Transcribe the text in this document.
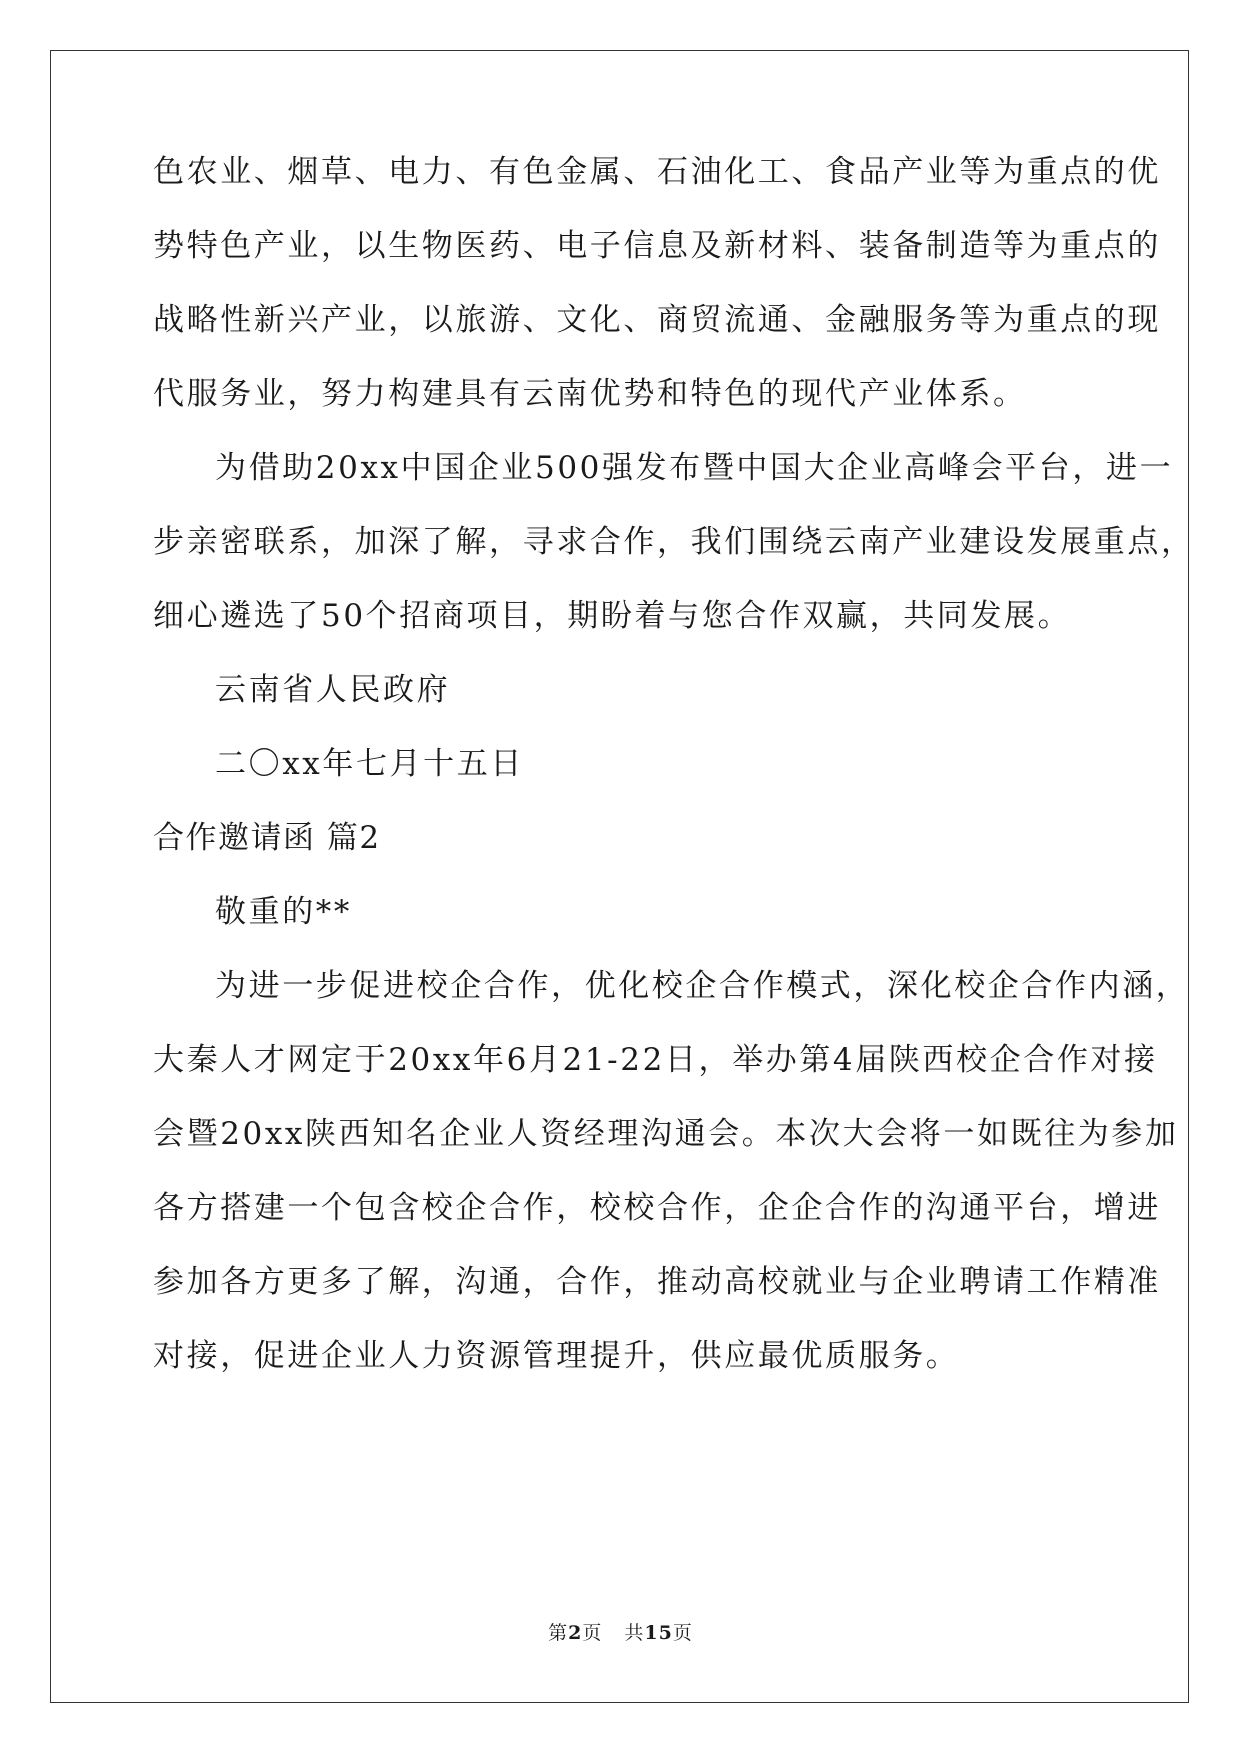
色农业、烟草、电力、有色金属、石油化工、食品产业等为重点的优
势特色产业，以生物医药、电子信息及新材料、装备制造等为重点的
战略性新兴产业，以旅游、文化、商贸流通、金融服务等为重点的现
代服务业，努力构建具有云南优势和特色的现代产业体系。
为借助20xx中国企业500强发布暨中国大企业高峰会平台，进一
步亲密联系，加深了解，寻求合作，我们围绕云南产业建设发展重点，
细心遴选了50个招商项目，期盼着与您合作双赢，共同发展。
云南省人民政府
二〇xx年七月十五日
合作邀请函 篇2
敬重的**
为进一步促进校企合作，优化校企合作模式，深化校企合作内涵，
大秦人才网定于20xx年6月21-22日，举办第4届陕西校企合作对接
会暨20xx陕西知名企业人资经理沟通会。本次大会将一如既往为参加
各方搭建一个包含校企合作，校校合作，企企合作的沟通平台，增进
参加各方更多了解，沟通，合作，推动高校就业与企业聘请工作精准
对接，促进企业人力资源管理提升，供应最优质服务。
第2页 共15页
